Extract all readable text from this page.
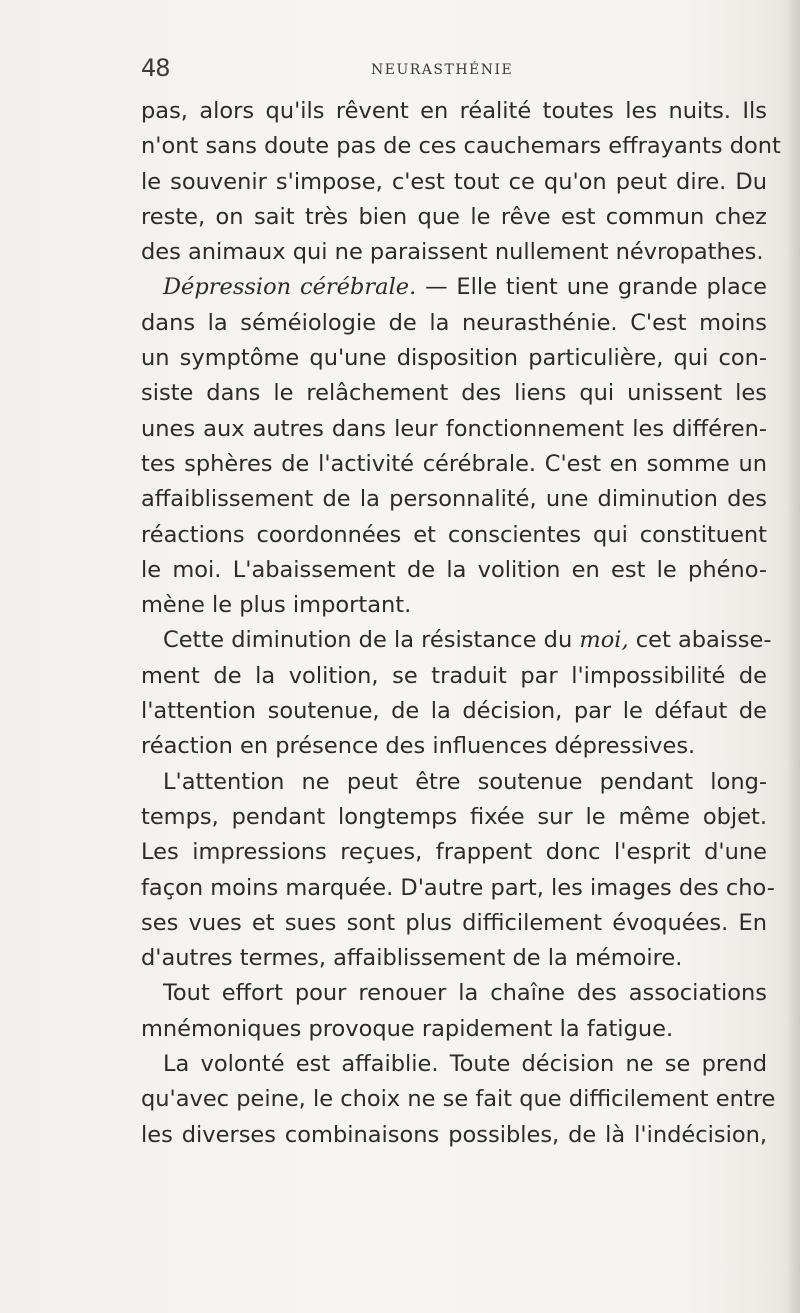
48	NEURASTHÉNIE
pas, alors qu'ils rêvent en réalité toutes les nuits. Ils
n'ont sans doute pas de ces cauchemars effrayants dont
le souvenir s'impose, c'est tout ce qu'on peut dire. Du
reste, on sait très bien que le rêve est commun chez
des animaux qui ne paraissent nullement névropathes.
Dépression cérébrale. — Elle tient une grande place
dans la séméiologie de la neurasthénie. C'est moins
un symptôme qu'une disposition particulière, qui con-
siste dans le relâchement des liens qui unissent les
unes aux autres dans leur fonctionnement les différen-
tes sphères de l'activité cérébrale. C'est en somme un
affaiblissement de la personnalité, une diminution des
réactions coordonnées et conscientes qui constituent
le moi. L'abaissement de la volition en est le phéno-
mène le plus important.
Cette diminution de la résistance du moi, cet abaisse-
ment de la volition, se traduit par l'impossibilité de
l'attention soutenue, de la décision, par le défaut de
réaction en présence des influences dépressives.
L'attention ne peut être soutenue pendant long-
temps, pendant longtemps fixée sur le même objet.
Les impressions reçues, frappent donc l'esprit d'une
façon moins marquée. D'autre part, les images des cho-
ses vues et sues sont plus difficilement évoquées. En
d'autres termes, affaiblissement de la mémoire.
Tout effort pour renouer la chaîne des associations
mnémoniques provoque rapidement la fatigue.
La volonté est affaiblie. Toute décision ne se prend
qu'avec peine, le choix ne se fait que difficilement entre
les diverses combinaisons possibles, de là l'indécision,
